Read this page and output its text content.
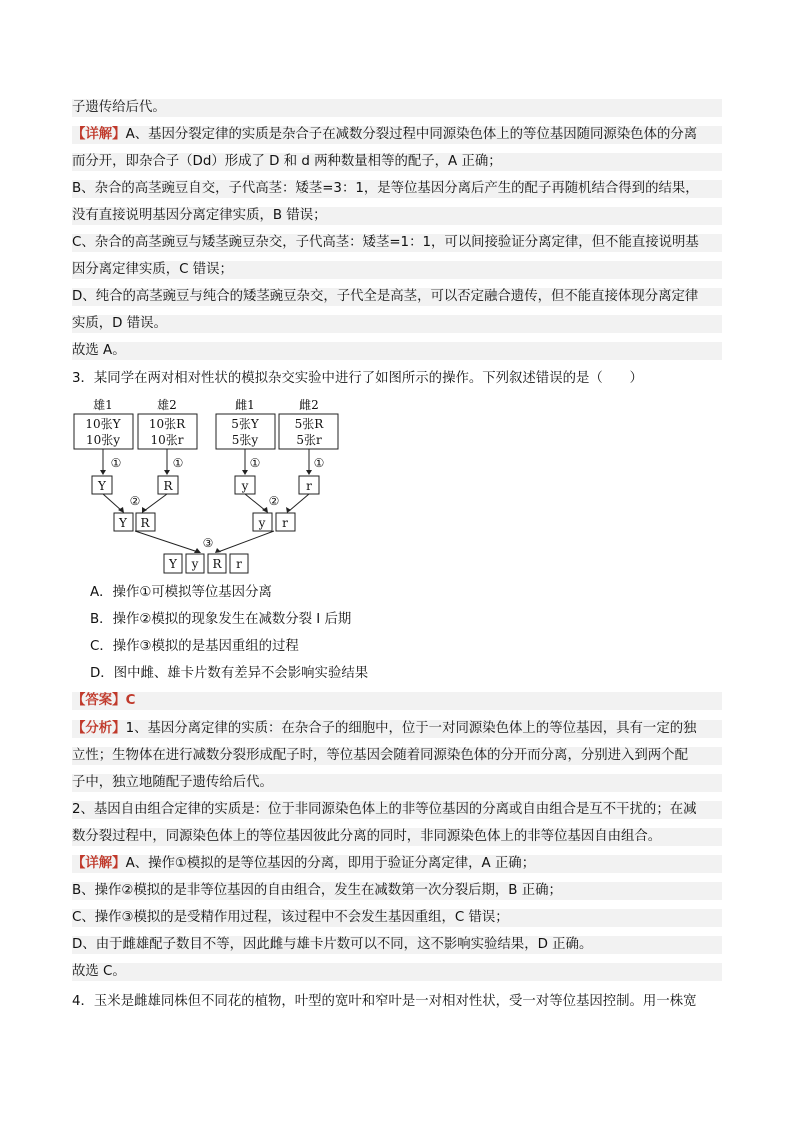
子遗传给后代。
【详解】A、基因分裂定律的实质是杂合子在减数分裂过程中同源染色体上的等位基因随同源染色体的分离
而分开，即杂合子（Dd）形成了 D 和 d 两种数量相等的配子，A 正确；
B、杂合的高茎豌豆自交，子代高茎：矮茎=3：1，是等位基因分离后产生的配子再随机结合得到的结果，
没有直接说明基因分离定律实质，B 错误；
C、杂合的高茎豌豆与矮茎豌豆杂交，子代高茎：矮茎=1：1，可以间接验证分离定律，但不能直接说明基
因分离定律实质，C 错误；
D、纯合的高茎豌豆与纯合的矮茎豌豆杂交，子代全是高茎，可以否定融合遗传，但不能直接体现分离定律
实质，D 错误。
故选 A。
3．某同学在两对相对性状的模拟杂交实验中进行了如图所示的操作。下列叙述错误的是（　　）
雄1	雄2	雌1	雌2
10张Y
10张y
10张R
10张r
5张Y
5张y
5张R
5张r
①	①	①	①
Y	R	y	r
②	②
Y R	y r
③
Y y R r
A．操作①可模拟等位基因分离
B．操作②模拟的现象发生在减数分裂 I 后期
C．操作③模拟的是基因重组的过程
D．图中雌、雄卡片数有差异不会影响实验结果
【答案】C
【分析】1、基因分离定律的实质：在杂合子的细胞中，位于一对同源染色体上的等位基因，具有一定的独
立性；生物体在进行减数分裂形成配子时，等位基因会随着同源染色体的分开而分离，分别进入到两个配
子中，独立地随配子遗传给后代。
2、基因自由组合定律的实质是：位于非同源染色体上的非等位基因的分离或自由组合是互不干扰的；在减
数分裂过程中，同源染色体上的等位基因彼此分离的同时，非同源染色体上的非等位基因自由组合。
【详解】A、操作①模拟的是等位基因的分离，即用于验证分离定律，A 正确；
B、操作②模拟的是非等位基因的自由组合，发生在减数第一次分裂后期，B 正确；
C、操作③模拟的是受精作用过程，该过程中不会发生基因重组，C 错误；
D、由于雌雄配子数目不等，因此雌与雄卡片数可以不同，这不影响实验结果，D 正确。
故选 C。
4．玉米是雌雄同株但不同花的植物，叶型的宽叶和窄叶是一对相对性状，受一对等位基因控制。用一株宽
